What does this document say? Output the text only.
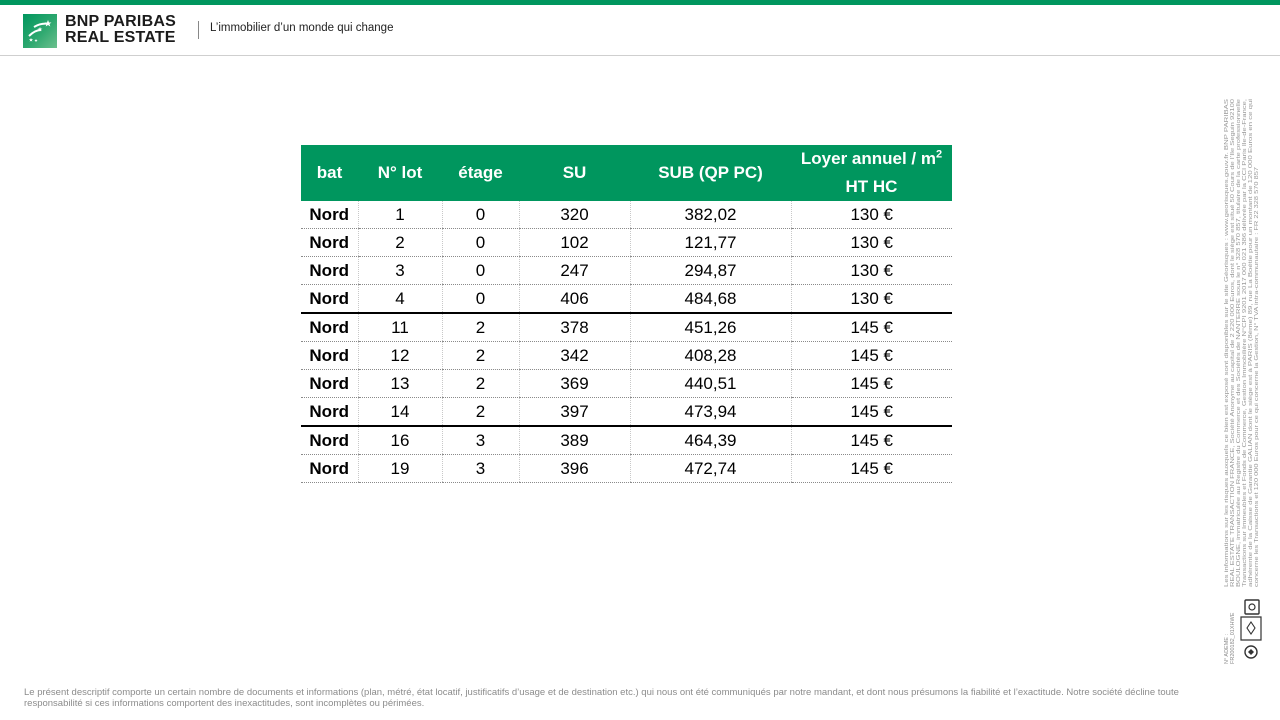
BNP PARIBAS
REAL ESTATE
L’immobilier d’un monde qui change
bat	N° lot	étage	SU	SUB (QP PC)	Loyer annuel / $m^2$
HT HC
Nord	1	0	320	382,02	130 €
Nord	2	0	102	121,77	130 €
Nord	3	0	247	294,87	130 €
Nord	4	0	406	484,68	130 €
Nord	11	2	378	451,26	145 €
Nord	12	2	342	408,28	145 €
Nord	13	2	369	440,51	145 €
Nord	14	2	397	473,94	145 €
Nord	16	3	389	464,39	145 €
Nord	19	3	396	472,74	145 €	Les informations sur les risques auxquels ce bien est exposé sont disponibles sur le site Géorisques : www.georisques.gouv.fr. BNP PARIBAS REAL ESTATE TRANSACTION FRANCE, Société Anonyme au capital de 2 220 000 Euros, dont le siège est situé 50 Cours de l’Ile Seguin 92100 BOULOGNE, immatriculée au Registre du Commerce et des Sociétés de NANTERRE sous le n° 328 570 857, titulaire de la carte professionnelle Transactions sur Immeubles et Fonds de Commerce, Gestion Immobilière N°CPI 9201 2017 000 021 386 délivrée par la CCI Paris Ile-de-France, adhérente de la Caisse de Garantie GALIAN dont le siège est à PARIS (8ème) 89, rue La Boétie pour un montant de 120 000 Euros en ce qui concerne les Transactions et 120 000 Euros pour ce qui concerne la Gestion, N° TVA intra-communautaire : FR 22 328 570 857
N° ADEME : FR200182_01XHWE
Le présent descriptif comporte un certain nombre de documents et informations (plan, métré, état locatif, justificatifs d’usage et de destination etc.) qui nous ont été communiqués par notre mandant, et dont nous présumons la fiabilité et l’exactitude. Notre société décline toute
responsabilité si ces informations comportent des inexactitudes, sont incomplètes ou périmées.
